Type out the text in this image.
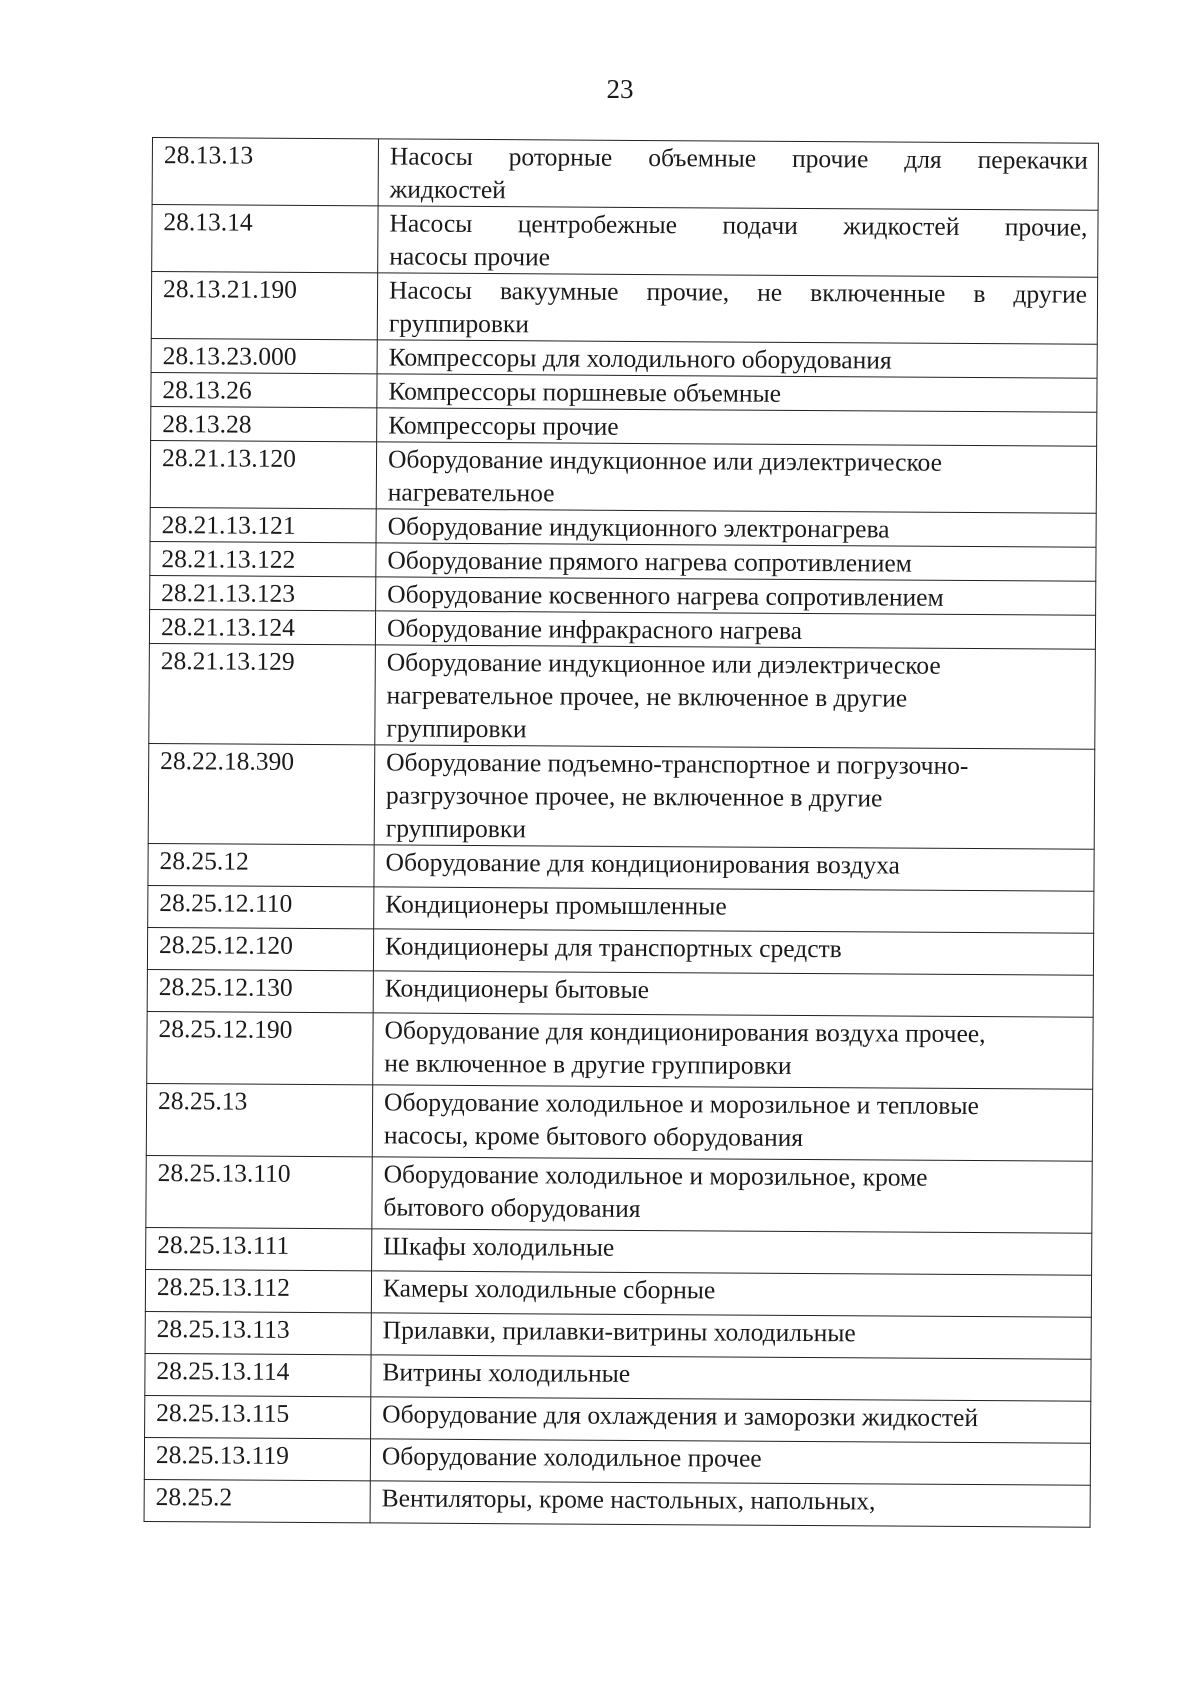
23
28.13.13	Насосы роторные объемные прочие для перекачки
жидкостей

28.13.14	Насосы центробежные подачи жидкостей прочие,
насосы прочие

28.13.21.190	Насосы вакуумные прочие, не включенные в другие
группировки

28.13.23.000	Компрессоры для холодильного оборудования

28.13.26	Компрессоры поршневые объемные

28.13.28	Компрессоры прочие

28.21.13.120	Оборудование индукционное или диэлектрическое
нагревательное

28.21.13.121	Оборудование индукционного электронагрева

28.21.13.122	Оборудование прямого нагрева сопротивлением

28.21.13.123	Оборудование косвенного нагрева сопротивлением

28.21.13.124	Оборудование инфракрасного нагрева

28.21.13.129	Оборудование индукционное или диэлектрическое
нагревательное прочее, не включенное в другие
группировки

28.22.18.390	Оборудование подъемно-транспортное и погрузочно-
разгрузочное прочее, не включенное в другие
группировки

28.25.12	Оборудование для кондиционирования воздуха

28.25.12.110	Кондиционеры промышленные

28.25.12.120	Кондиционеры для транспортных средств

28.25.12.130	Кондиционеры бытовые

28.25.12.190	Оборудование для кондиционирования воздуха прочее,
не включенное в другие группировки

28.25.13	Оборудование холодильное и морозильное и тепловые
насосы, кроме бытового оборудования

28.25.13.110	Оборудование холодильное и морозильное, кроме
бытового оборудования

28.25.13.111	Шкафы холодильные

28.25.13.112	Камеры холодильные сборные

28.25.13.113	Прилавки, прилавки-витрины холодильные

28.25.13.114	Витрины холодильные

28.25.13.115	Оборудование для охлаждения и заморозки жидкостей

28.25.13.119	Оборудование холодильное прочее

28.25.2	Вентиляторы, кроме настольных, напольных,
